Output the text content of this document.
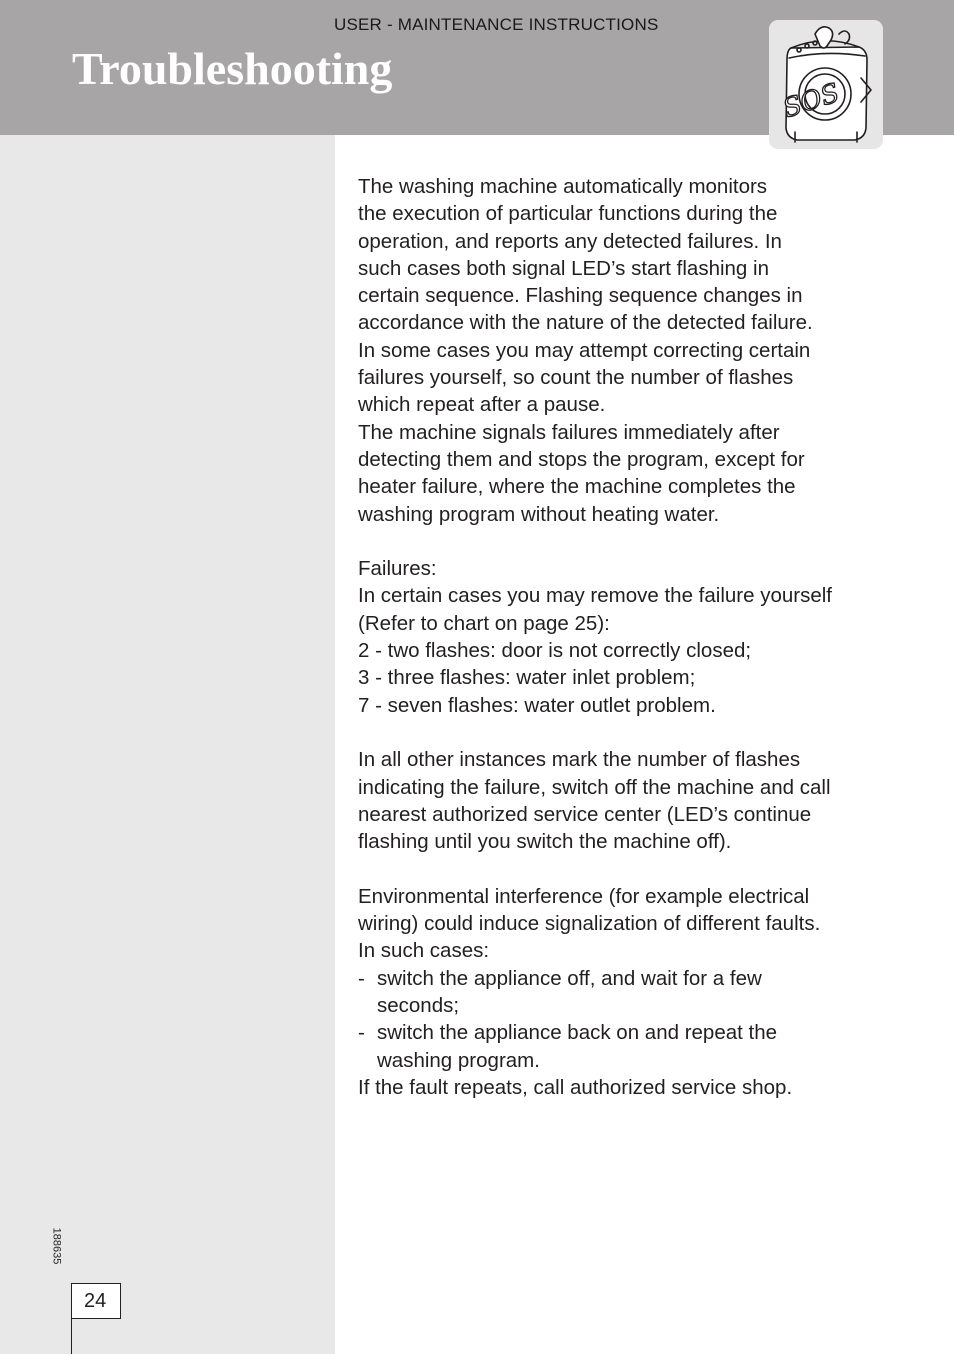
USER - MAINTENANCE INSTRUCTIONS
Troubleshooting
SOS
188635
24

The washing machine automatically monitors

the execution of particular functions during the

operation, and reports any detected failures. In

such cases both signal LED’s start flashing in

certain sequence. Flashing sequence changes in

accordance with the nature of the detected failure.

In some cases you may attempt correcting certain

failures yourself, so count the number of flashes

which repeat after a pause.

The machine signals failures immediately after

detecting them and stops the program, except for

heater failure, where the machine completes the

washing program without heating water.

Failures:

In certain cases you may remove the failure yourself

(Refer to chart on page 25):

2 - two flashes: door is not correctly closed;

3 - three flashes: water inlet problem;

7 - seven flashes: water outlet problem.

In all other instances mark the number of flashes

indicating the failure, switch off the machine and call

nearest authorized service center (LED’s continue

flashing until you switch the machine off).

Environmental interference (for example electrical

wiring) could induce signalization of different faults.

In such cases:

- switch the appliance off, and wait for a few

seconds;

- switch the appliance back on and repeat the

washing program.

If the fault repeats, call authorized service shop.
